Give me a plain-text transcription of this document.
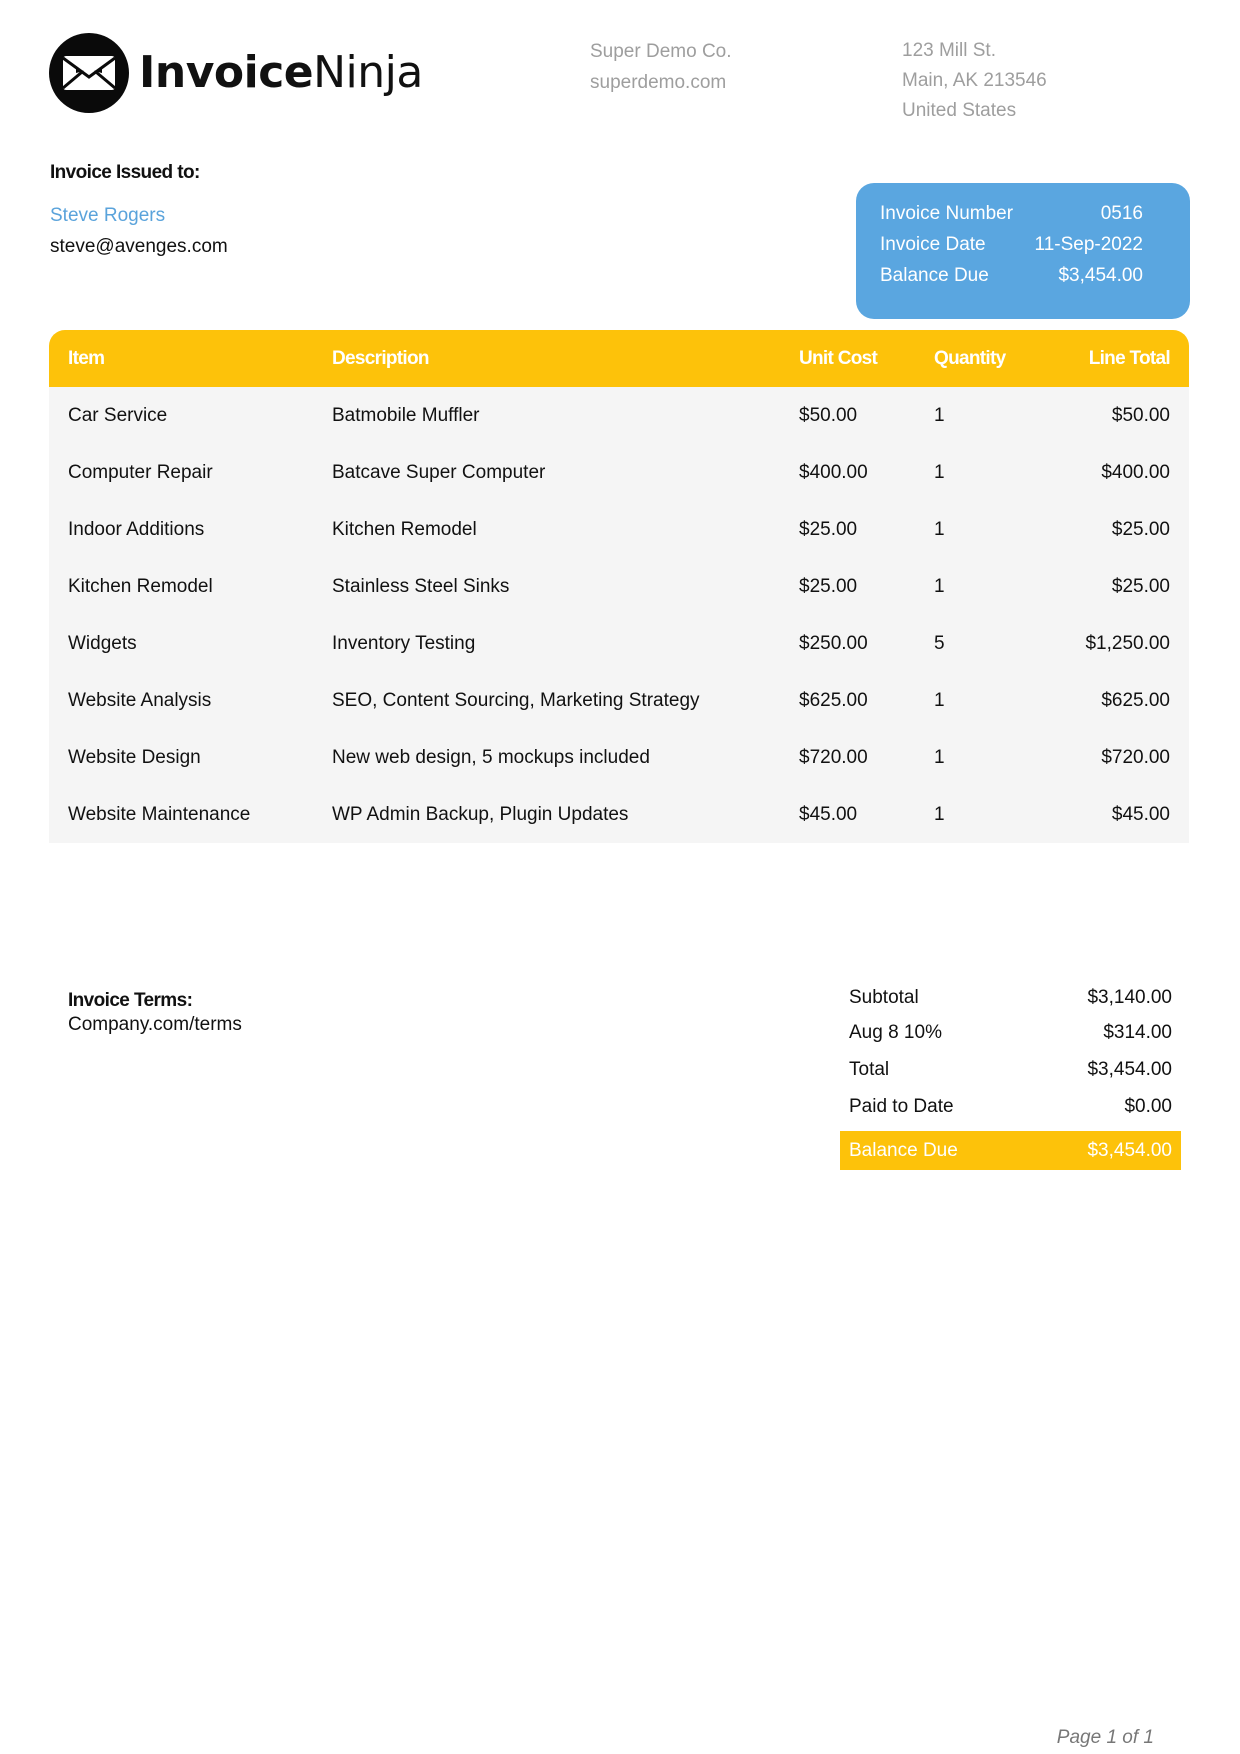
InvoiceNinja	Super Demo Co.
superdemo.com
123 Mill St.
Main, AK 213546
United States
Invoice Issued to:
Steve Rogers
steve@avenges.com
Invoice Number	0516
Invoice Date	11-Sep-2022
Balance Due	$3,454.00
Item	Description	Unit Cost	Quantity	Line Total
Car Service	Batmobile Muffler	$50.00	1	$50.00
Computer Repair	Batcave Super Computer	$400.00	1	$400.00
Indoor Additions	Kitchen Remodel	$25.00	1	$25.00
Kitchen Remodel	Stainless Steel Sinks	$25.00	1	$25.00
Widgets	Inventory Testing	$250.00	5	$1,250.00
Website Analysis	SEO, Content Sourcing, Marketing Strategy	$625.00	1	$625.00
Website Design	New web design, 5 mockups included	$720.00	1	$720.00
Website Maintenance	WP Admin Backup, Plugin Updates	$45.00	1	$45.00
Invoice Terms:
Company.com/terms
Subtotal	$3,140.00
Aug 8 10%	$314.00
Total	$3,454.00
Paid to Date	$0.00
Balance Due	$3,454.00
Page 1 of 1
